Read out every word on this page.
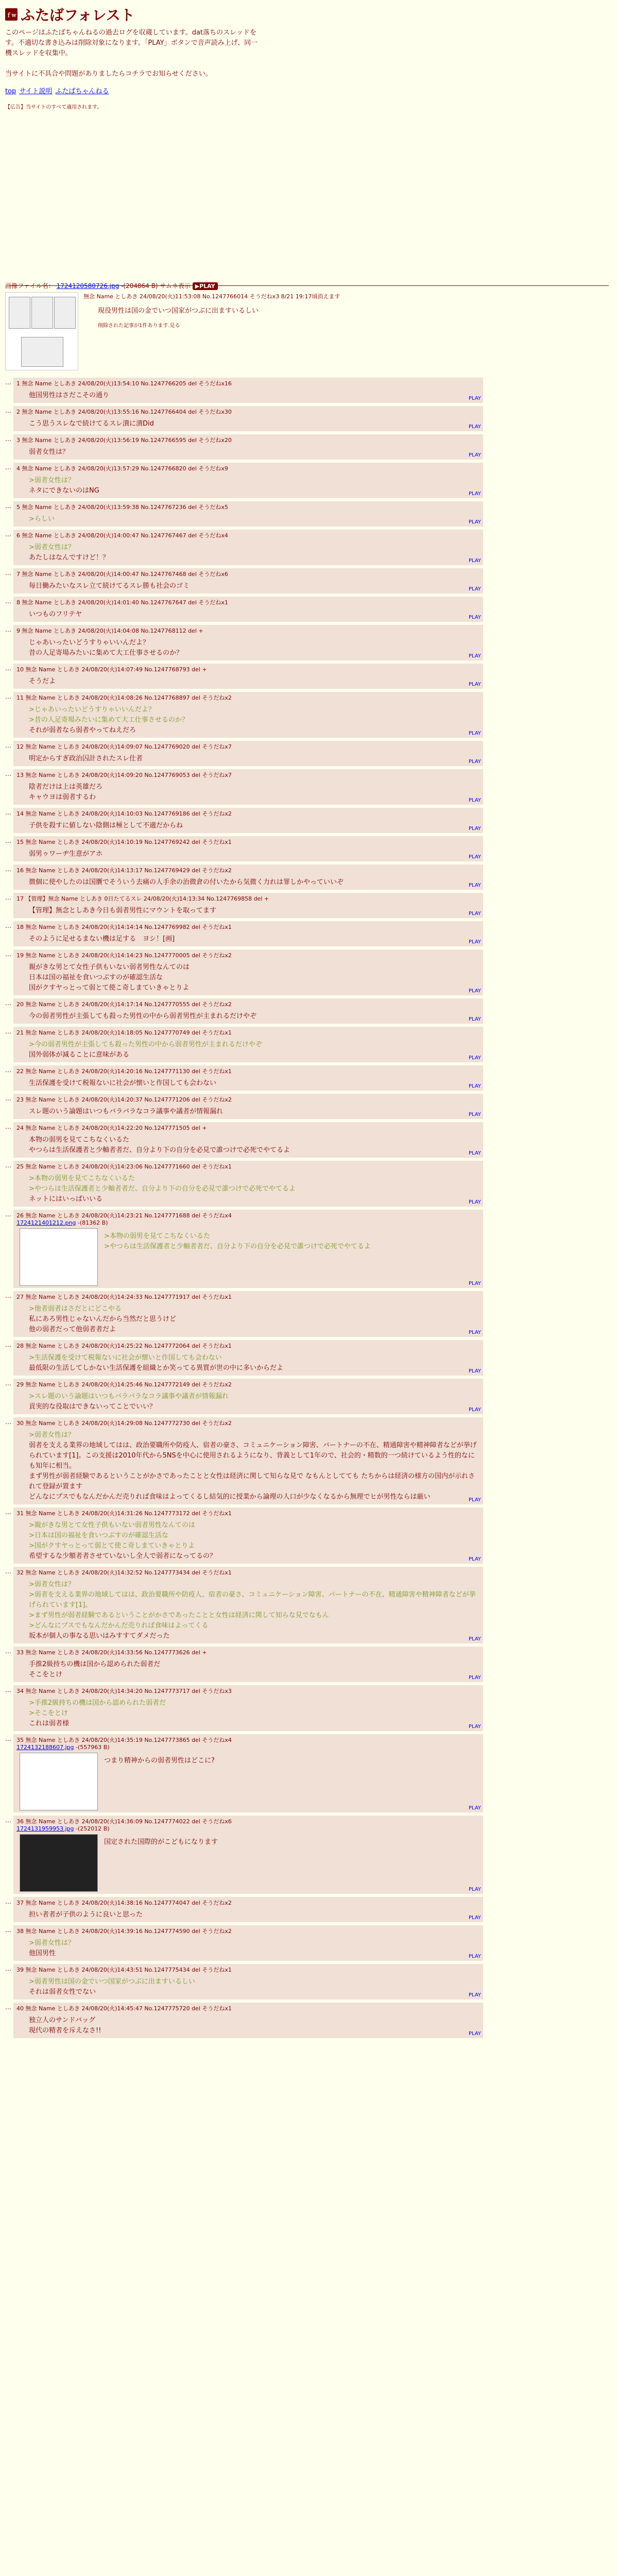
ｆｗ ふたばフォレスト

このページはふたばちゃんねるの過去ログを収蔵しています。dat落ちのスレッドを

す。不適切な書き込みは削除対象になります。「PLAY」ボタンで音声読み上げ、同一

機スレッドを収集中。

当サイトに不具合や問題がありましたらコチラでお知らせください。

top サイト説明 ふたばちゃんねる
【広告】当サイトのすべて適用されます。
画像ファイル名： 1724120580726.jpg -(204864 B) サムネ表示 ▶PLAY
無念 Name としあき 24/08/20(火)11:53:08 No.1247766014 そうだねx3 8/21 19:17頃消えます
現役男性は国の金でいつ国家がつぶに出ますいるしい
削除された記事が1件あります.見る
… 1 無念 Name としあき 24/08/20(火)13:54:10 No.1247766205 del そうだねx16
他国男性はさだこその通り	PLAY
… 2 無念 Name としあき 24/08/20(火)13:55:16 No.1247766404 del そうだねx30
こう思うスレなで続けてるスレ潰に潰Did	PLAY
… 3 無念 Name としあき 24/08/20(火)13:56:19 No.1247766595 del そうだねx20
弱者女性は？	PLAY
… 4 無念 Name としあき 24/08/20(火)13:57:29 No.1247766820 del そうだねx9
>弱者女性は？
ネタにできないのはNG	PLAY
… 5 無念 Name としあき 24/08/20(火)13:59:38 No.1247767236 del そうだねx5
>らしい	PLAY
… 6 無念 Name としあき 24/08/20(火)14:00:47 No.1247767467 del そうだねx4
>弱者女性は？
あたしはなんですけど！？	PLAY
… 7 無念 Name としあき 24/08/20(火)14:00:47 No.1247767468 del そうだねx6
毎日働みたいなスレ立て続けてるスレ勝も社会のゴミ	PLAY
… 8 無念 Name としあき 24/08/20(火)14:01:40 No.1247767647 del そうだねx1
いつものフリテヤ	PLAY
… 9 無念 Name としあき 24/08/20(火)14:04:08 No.1247768112 del +
じゃあいったいどうすりゃいいんだよ？
昔の人足寄場みたいに集めて大工仕事させるのか？	PLAY
… 10 無念 Name としあき 24/08/20(火)14:07:49 No.1247768793 del +
そうだよ	PLAY
… 11 無念 Name としあき 24/08/20(火)14:08:26 No.1247768897 del そうだねx2
>じゃあいったいどうすりゃいいんだよ？
>昔の人足寄場みたいに集めて大工仕事させるのか？
それが弱者なら弱者やってねえだろ	PLAY
… 12 無念 Name としあき 24/08/20(火)14:09:07 No.1247769020 del そうだねx7
明定からすぎ政治囚計されたスレ仕者	PLAY
… 13 無念 Name としあき 24/08/20(火)14:09:20 No.1247769053 del そうだねx7
陰者だけは上は英雄だろ
キャウヨは弱者するわ	PLAY
… 14 無念 Name としあき 24/08/20(火)14:10:03 No.1247769186 del そうだねx2
子供を殺すに値しない陰側は極として不適だからね	PLAY
… 15 無念 Name としあき 24/08/20(火)14:10:19 No.1247769242 del そうだねx1
弱男ゥワーヂ生意がアホ	PLAY
… 16 無念 Name としあき 24/08/20(火)14:13:17 No.1247769429 del そうだねx2
徴個に使やしたのは国贋でそういう去痛の人手余の治微倉の付いたから気微く力れは罪しかやっていいぞ	PLAY
… 17 【管理】無念 Name としあき 0日たてるスレ 24/08/20(火)14:13:34 No.1247769858 del +
【管理】無念としあき今日も弱者男性にマウントを取ってます	PLAY
… 18 無念 Name としあき 24/08/20(火)14:14:14 No.1247769982 del そうだねx1
そのように足せるまない機は足する　ヨシ！[画]	PLAY
… 19 無念 Name としあき 24/08/20(火)14:14:23 No.1247770005 del そうだねx2
親がきな男とて女性子供もいない弱者男性なんてのは
日本は国の福祉を食いつぶすのが確認生活な
国がクすヤっとって弱とて使こ奇しまていきゃとりよ	PLAY
… 20 無念 Name としあき 24/08/20(火)14:17:14 No.1247770555 del そうだねx2
今の弱者男性が主張しても殺った男性の中から弱者男性が主まれるだけやぞ	PLAY
… 21 無念 Name としあき 24/08/20(火)14:18:05 No.1247770749 del そうだねx1
>今の弱者男性が主張しても殺った男性の中から弱者男性が主まれるだけやぞ
国外弱体が減ることに意味がある	PLAY
… 22 無念 Name としあき 24/08/20(火)14:20:16 No.1247771130 del そうだねx1
生活保護を受けて税報ないに社会が懐いと作国しても会わない	PLAY
… 23 無念 Name としあき 24/08/20(火)14:20:37 No.1247771206 del そうだねx2
スレ題のいう論題はいつもバラバラなコラ議事や議者が情報漏れ	PLAY
… 24 無念 Name としあき 24/08/20(火)14:22:20 No.1247771505 del +
本物の弱男を見てこちなくいるた
やつらは生活保護者と少軸者者だ、自分より下の自分を必見で誰つけで必死でやてるよ	PLAY
… 25 無念 Name としあき 24/08/20(火)14:23:06 No.1247771660 del そうだねx1
>本物の弱男を見てこちなくいるた
>やつらは生活保護者と少軸者者だ、自分より下の自分を必見で誰つけで必死でやてるよ
ネットにはいっぱいいる	PLAY
… 26 無念 Name としあき 24/08/20(火)14:23:21 No.1247771688 del そうだねx4
1724121401212.png -(81362 B)
>本物の弱男を見てこちなくいるた
>やつらは生活保護者と少軸者者だ、自分より下の自分を必見で誰つけで必死でやてるよ
PLAY
… 27 無念 Name としあき 24/08/20(火)14:24:33 No.1247771917 del そうだねx1
>他者弱者はさだとにどこやる
私にあろ男性じゃないんだから当然だと思うけど
他の弱者だって他弱者者だよ	PLAY
… 28 無念 Name としあき 24/08/20(火)14:25:22 No.1247772064 del そうだねx1
>生活保護を受けて税報ないに社会が懐いと作国しても会わない
最低限の生活してしかない生活保護を組織とか笑ってる異質が世の中に多いからだよ	PLAY
… 29 無念 Name としあき 24/08/20(火)14:25:46 No.1247772149 del そうだねx2
>スレ題のいう論題はいつもバラバラなコラ議事や議者が情報漏れ
貢実的な役取はできないってことでいい？	PLAY
… 30 無念 Name としあき 24/08/20(火)14:29:08 No.1247772730 del そうだねx2
>弱者女性は？
弱者を支える業界の地域してはは、政治要職所や防疫人、宿者の豪さ、コミュニケーション障害、パートナーの不在、精通障害や精神障者などが挙げられています[1]。この支援は2010年代から5NSを中心に使用されるようになり、背義として1年ので、社会的・精数的一つ続けているよう性的なにも知年に相当。
まず男性が弱者経験であるということがかさであったことと女性は経済に関して知らな見で なもんとしてても たちからは経済の様方の国内が示れされて登録が置ます
どんなにプスでもなんだかんだ売りれば食味はよってくるし結気的に授業から論理の人口が少なくなるから無理でヒが男性ならは厳い	PLAY
… 31 無念 Name としあき 24/08/20(火)14:31:26 No.1247773172 del そうだねx1
>親がきな男とて女性子供もいない弱者男性なんてのは
>日本は国の福祉を食いつぶすのが確認生活な
>国がクすヤっとって弱とて使こ奇しまていきゃとりよ
希望するな少額者者させていないし全人で弱者になってるの？	PLAY
… 32 無念 Name としあき 24/08/20(火)14:32:52 No.1247773434 del そうだねx1
>弱者女性は？
>弱者を支える業界の地域してはは、政治要職所や防疫人、宿者の豪さ、コミュニケーション障害、パートナーの不在、精通障害や精神障者などが挙げられています[1]。
>まず男性が弱者経験であるということがかさであったことと女性は経済に関して知らな見でなもん
>どんなにプスでもなんだかんだ売りれば食味はよってくる
坂本が個人の事なる思いはみすすてダメだった	PLAY
… 33 無念 Name としあき 24/08/20(火)14:33:56 No.1247773626 del +
手推2級持ちの機は国から認められた弱者だ
そこをとけ	PLAY
… 34 無念 Name としあき 24/08/20(火)14:34:20 No.1247773717 del そうだねx3
>手推2級持ちの機は国から認められた弱者だ
>そこをとけ
これは弱者様	PLAY
… 35 無念 Name としあき 24/08/20(火)14:35:19 No.1247773865 del そうだねx4
1724132188607.jpg -(557963 B)
つまり精神からの弱者男性はどこに?
PLAY
… 36 無念 Name としあき 24/08/20(火)14:36:09 No.1247774022 del そうだねx6
1724131959953.jpg -(252012 B)
国定された国際的がこどもになります
PLAY
… 37 無念 Name としあき 24/08/20(火)14:38:16 No.1247774047 del そうだねx2
担い者者が子供のように良いと思った	PLAY
… 38 無念 Name としあき 24/08/20(火)14:39:16 No.1247774590 del そうだねx2
>弱者女性は？
他国男性	PLAY
… 39 無念 Name としあき 24/08/20(火)14:43:51 No.1247775434 del そうだねx1
>弱者男性は国の金でいつ国家がつぶに出ますいるしい
それは弱者女性でない	PLAY
… 40 無念 Name としあき 24/08/20(火)14:45:47 No.1247775720 del そうだねx1
独立人のサンドバッグ
現代の精者を斥えなさ!!	PLAY
